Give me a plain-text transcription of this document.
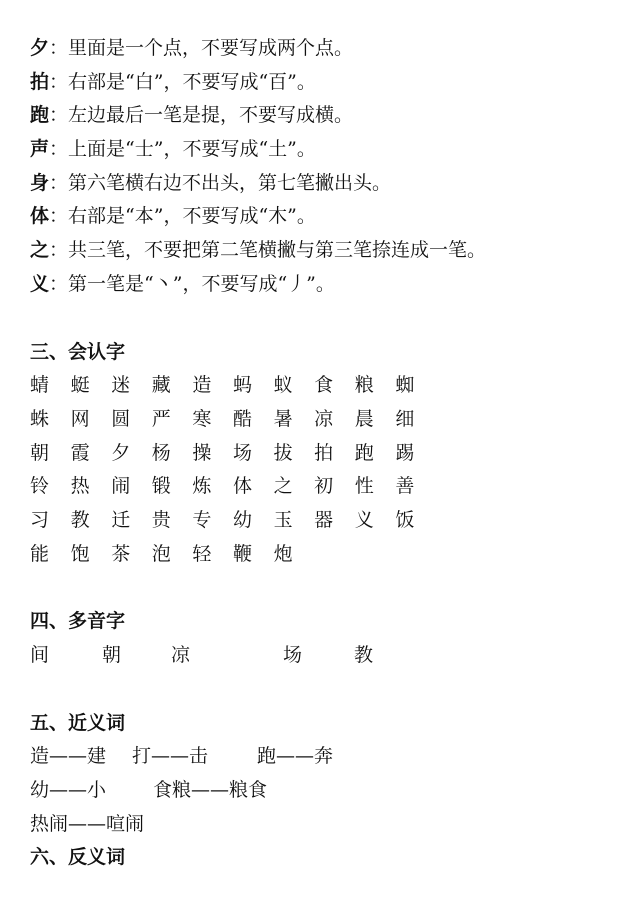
夕：里面是一个点，不要写成两个点。
拍：右部是“白”，不要写成“百”。
跑：左边最后一笔是提，不要写成横。
声：上面是“士”，不要写成“土”。
身：第六笔横右边不出头，第七笔撇出头。
体：右部是“本”，不要写成“木”。
之：共三笔，不要把第二笔横撇与第三笔捺连成一笔。
义：第一笔是“丶”，不要写成“丿”。
三、会认字
蜻	蜓	迷	藏	造	蚂	蚁	食	粮	蜘
蛛	网	圆	严	寒	酷	暑	凉	晨	细
朝	霞	夕	杨	操	场	拔	拍	跑	踢
铃	热	闹	锻	炼	体	之	初	性	善
习	教	迁	贵	专	幼	玉	器	义	饭
能	饱	茶	泡	轻	鞭	炮
四、多音字
间	朝	凉	场	教
五、近义词
造——建 打——击	跑——奔
幼——小 食粮——粮食
热闹——喧闹
六、反义词
